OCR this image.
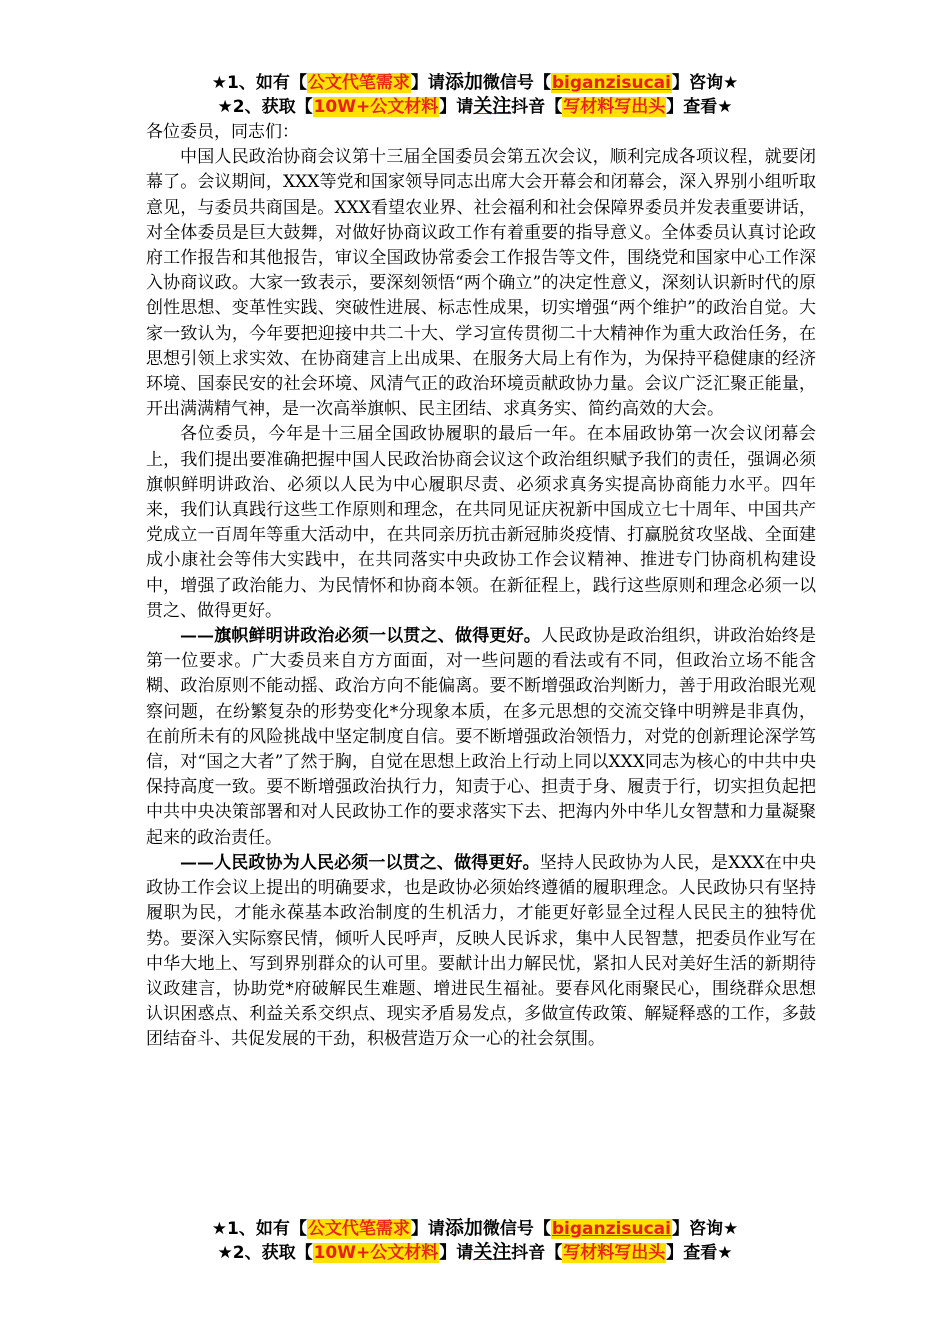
★1、如有【公文代笔需求】请添加微信号【biganzisucai】咨询★
★2、获取【10W+公文材料】请关注抖音【写材料写出头】查看★

各位委员，同志们：

中国人民政治协商会议第十三届全国委员会第五次会议，顺利完成各项议程，就要闭幕了。会议期间，XXX等党和国家领导同志出席大会开幕会和闭幕会，深入界别小组听取意见，与委员共商国是。XXX看望农业界、社会福利和社会保障界委员并发表重要讲话，对全体委员是巨大鼓舞，对做好协商议政工作有着重要的指导意义。全体委员认真讨论政府工作报告和其他报告，审议全国政协常委会工作报告等文件，围绕党和国家中心工作深入协商议政。大家一致表示，要深刻领悟“两个确立”的决定性意义，深刻认识新时代的原创性思想、变革性实践、突破性进展、标志性成果，切实增强“两个维护”的政治自觉。大家一致认为，今年要把迎接中共二十大、学习宣传贯彻二十大精神作为重大政治任务，在思想引领上求实效、在协商建言上出成果、在服务大局上有作为，为保持平稳健康的经济环境、国泰民安的社会环境、风清气正的政治环境贡献政协力量。会议广泛汇聚正能量，开出满满精气神，是一次高举旗帜、民主团结、求真务实、简约高效的大会。

各位委员，今年是十三届全国政协履职的最后一年。在本届政协第一次会议闭幕会上，我们提出要准确把握中国人民政治协商会议这个政治组织赋予我们的责任，强调必须旗帜鲜明讲政治、必须以人民为中心履职尽责、必须求真务实提高协商能力水平。四年来，我们认真践行这些工作原则和理念，在共同见证庆祝新中国成立七十周年、中国共产党成立一百周年等重大活动中，在共同亲历抗击新冠肺炎疫情、打赢脱贫攻坚战、全面建成小康社会等伟大实践中，在共同落实中央政协工作会议精神、推进专门协商机构建设中，增强了政治能力、为民情怀和协商本领。在新征程上，践行这些原则和理念必须一以贯之、做得更好。

——旗帜鲜明讲政治必须一以贯之、做得更好。人民政协是政治组织，讲政治始终是第一位要求。广大委员来自方方面面，对一些问题的看法或有不同，但政治立场不能含糊、政治原则不能动摇、政治方向不能偏离。要不断增强政治判断力，善于用政治眼光观察问题，在纷繁复杂的形势变化*分现象本质，在多元思想的交流交锋中明辨是非真伪，在前所未有的风险挑战中坚定制度自信。要不断增强政治领悟力，对党的创新理论深学笃信，对“国之大者”了然于胸，自觉在思想上政治上行动上同以XXX同志为核心的中共中央保持高度一致。要不断增强政治执行力，知责于心、担责于身、履责于行，切实担负起把中共中央决策部署和对人民政协工作的要求落实下去、把海内外中华儿女智慧和力量凝聚起来的政治责任。

——人民政协为人民必须一以贯之、做得更好。坚持人民政协为人民，是XXX在中央政协工作会议上提出的明确要求，也是政协必须始终遵循的履职理念。人民政协只有坚持履职为民，才能永葆基本政治制度的生机活力，才能更好彰显全过程人民民主的独特优势。要深入实际察民情，倾听人民呼声，反映人民诉求，集中人民智慧，把委员作业写在中华大地上、写到界别群众的认可里。要献计出力解民忧，紧扣人民对美好生活的新期待议政建言，协助党*府破解民生难题、增进民生福祉。要春风化雨聚民心，围绕群众思想认识困惑点、利益关系交织点、现实矛盾易发点，多做宣传政策、解疑释惑的工作，多鼓团结奋斗、共促发展的干劲，积极营造万众一心的社会氛围。

★1、如有【公文代笔需求】请添加微信号【biganzisucai】咨询★
★2、获取【10W+公文材料】请关注抖音【写材料写出头】查看★
